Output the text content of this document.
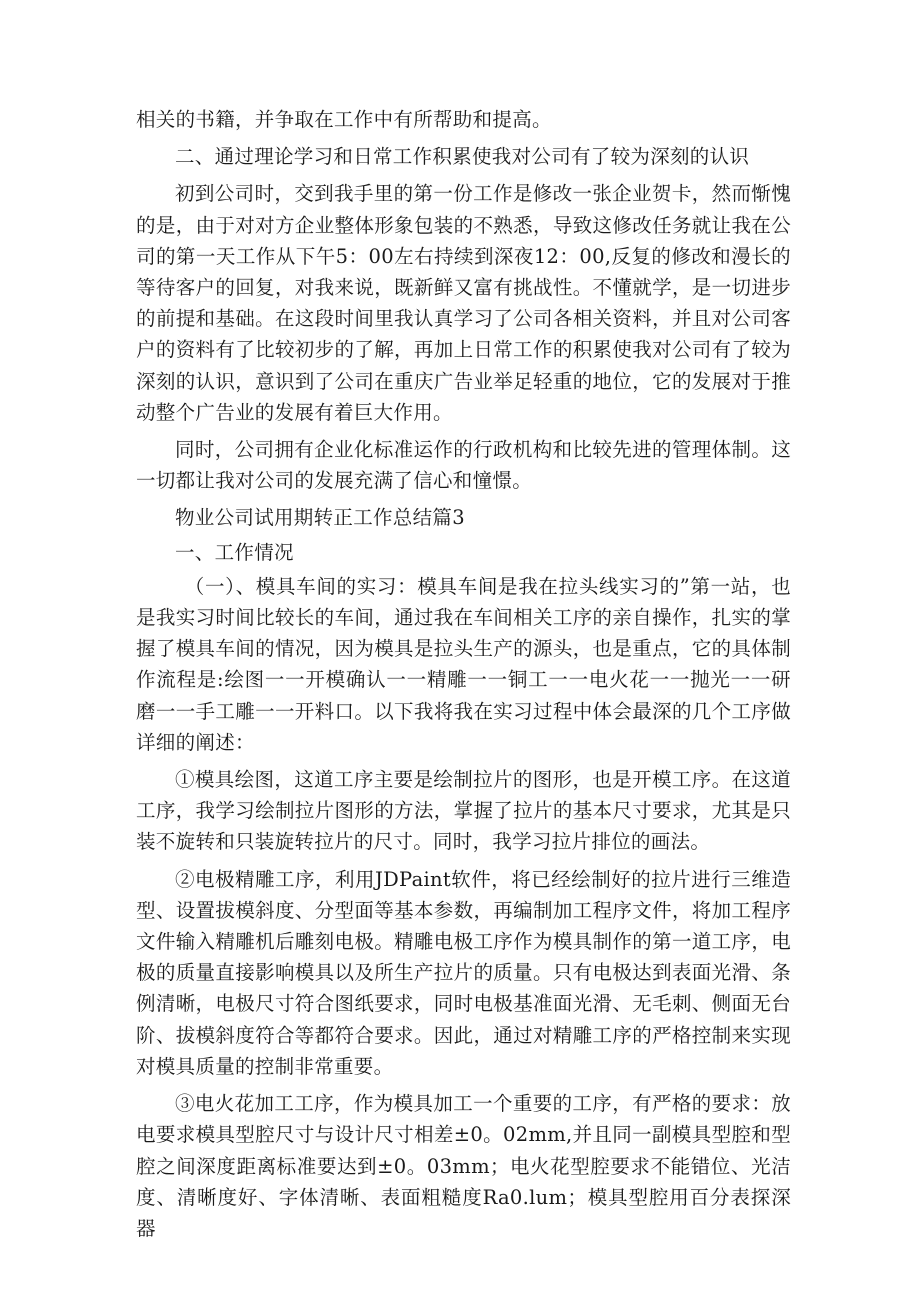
相关的书籍，并争取在工作中有所帮助和提高。

二、通过理论学习和日常工作积累使我对公司有了较为深刻的认识

初到公司时，交到我手里的第一份工作是修改一张企业贺卡，然而惭愧的是，由于对对方企业整体形象包装的不熟悉，导致这修改任务就让我在公司的第一天工作从下午5：00左右持续到深夜12：00,反复的修改和漫长的等待客户的回复，对我来说，既新鲜又富有挑战性。不懂就学，是一切进步的前提和基础。在这段时间里我认真学习了公司各相关资料，并且对公司客户的资料有了比较初步的了解，再加上日常工作的积累使我对公司有了较为深刻的认识，意识到了公司在重庆广告业举足轻重的地位，它的发展对于推动整个广告业的发展有着巨大作用。

同时，公司拥有企业化标准运作的行政机构和比较先进的管理体制。这一切都让我对公司的发展充满了信心和憧憬。

物业公司试用期转正工作总结篇3

一、工作情况

（一）、模具车间的实习：模具车间是我在拉头线实习的”第一站，也是我实习时间比较长的车间，通过我在车间相关工序的亲自操作，扎实的掌握了模具车间的情况，因为模具是拉头生产的源头，也是重点，它的具体制作流程是:绘图一一开模确认一一精雕一一铜工一一电火花一一抛光一一研磨一一手工雕一一开料口。以下我将我在实习过程中体会最深的几个工序做详细的阐述：

①模具绘图，这道工序主要是绘制拉片的图形，也是开模工序。在这道工序，我学习绘制拉片图形的方法，掌握了拉片的基本尺寸要求，尤其是只装不旋转和只装旋转拉片的尺寸。同时，我学习拉片排位的画法。

②电极精雕工序，利用JDPaint软件，将已经绘制好的拉片进行三维造型、设置拔模斜度、分型面等基本参数，再编制加工程序文件，将加工程序文件输入精雕机后雕刻电极。精雕电极工序作为模具制作的第一道工序，电极的质量直接影响模具以及所生产拉片的质量。只有电极达到表面光滑、条例清晰，电极尺寸符合图纸要求，同时电极基准面光滑、无毛刺、侧面无台阶、拔模斜度符合等都符合要求。因此，通过对精雕工序的严格控制来实现对模具质量的控制非常重要。

③电火花加工工序，作为模具加工一个重要的工序，有严格的要求：放电要求模具型腔尺寸与设计尺寸相差±0。02mm,并且同一副模具型腔和型腔之间深度距离标准要达到±0。03mm；电火花型腔要求不能错位、光洁度、清晰度好、字体清晰、表面粗糙度Ra0.lum；模具型腔用百分表探深器
